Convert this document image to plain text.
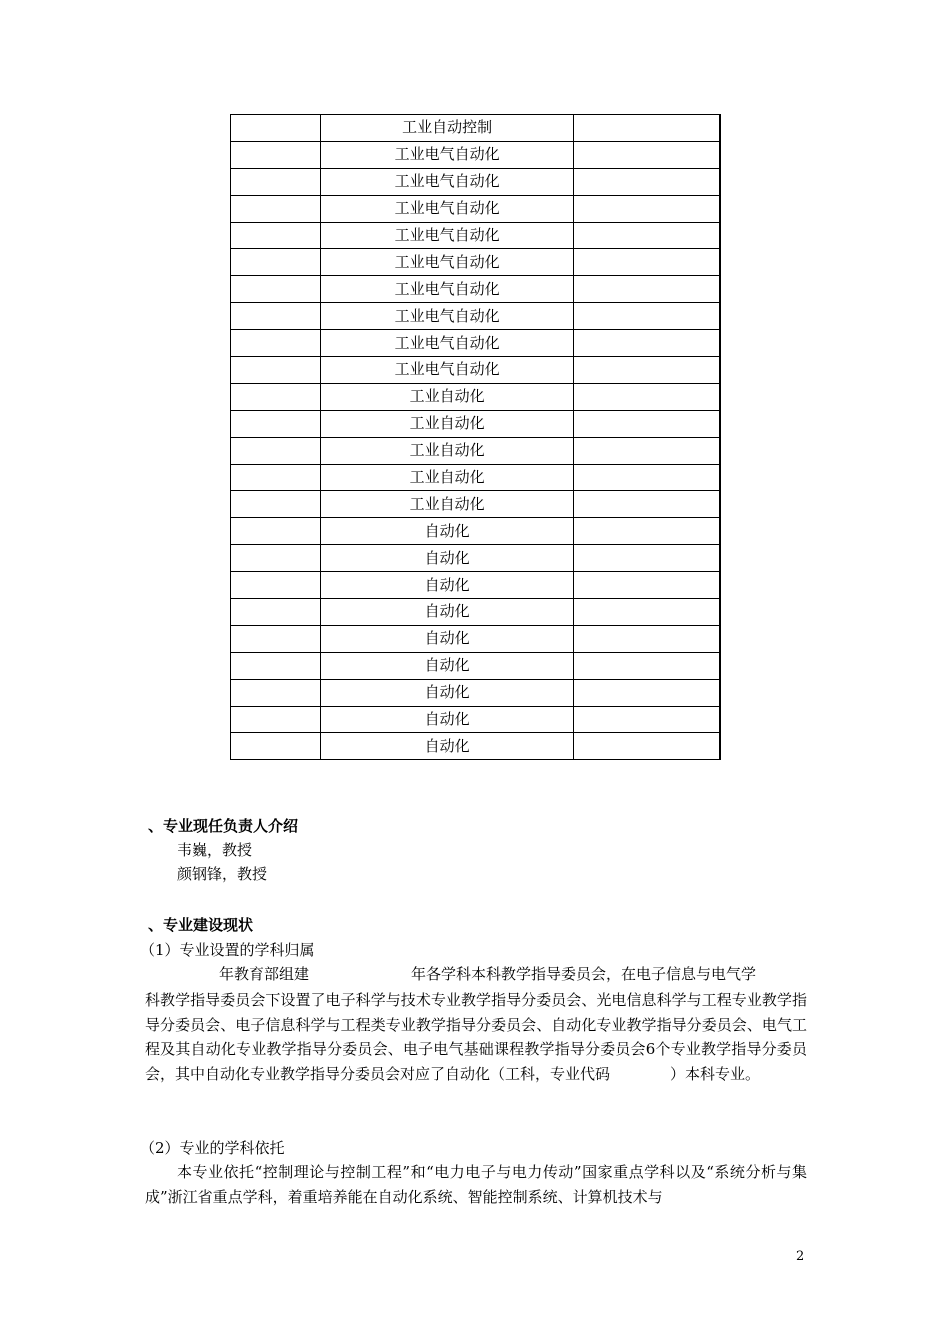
	工业自动控制	
	工业电气自动化	
	工业电气自动化	
	工业电气自动化	
	工业电气自动化	
	工业电气自动化	
	工业电气自动化	
	工业电气自动化	
	工业电气自动化	
	工业电气自动化	
	工业自动化	
	工业自动化	
	工业自动化	
	工业自动化	
	工业自动化	
	自动化	
	自动化	
	自动化	
	自动化	
	自动化	
	自动化	
	自动化	
	自动化	
	自动化	
、专业现任负责人介绍
韦巍，教授
颜钢锋，教授
、专业建设现状
（1）专业设置的学科归属
年教育部组建	年各学科本科教学指导委员会，在电子信息与电气学
科教学指导委员会下设置了电子科学与技术专业教学指导分委员会、光电信息科学与工程专业教学指导分委员会、电子信息科学与工程类专业教学指导分委员会、自动化专业教学指导分委员会、电气工程及其自动化专业教学指导分委员会、电子电气基础课程教学指导分委员会6个专业教学指导分委员会，其中自动化专业教学指导分委员会对应了自动化（工科，专业代码	）本科专业。
（2）专业的学科依托
本专业依托“控制理论与控制工程”和“电力电子与电力传动”国家重点学科以及“系统分析与集成”浙江省重点学科，着重培养能在自动化系统、智能控制系统、计算机技术与
2
